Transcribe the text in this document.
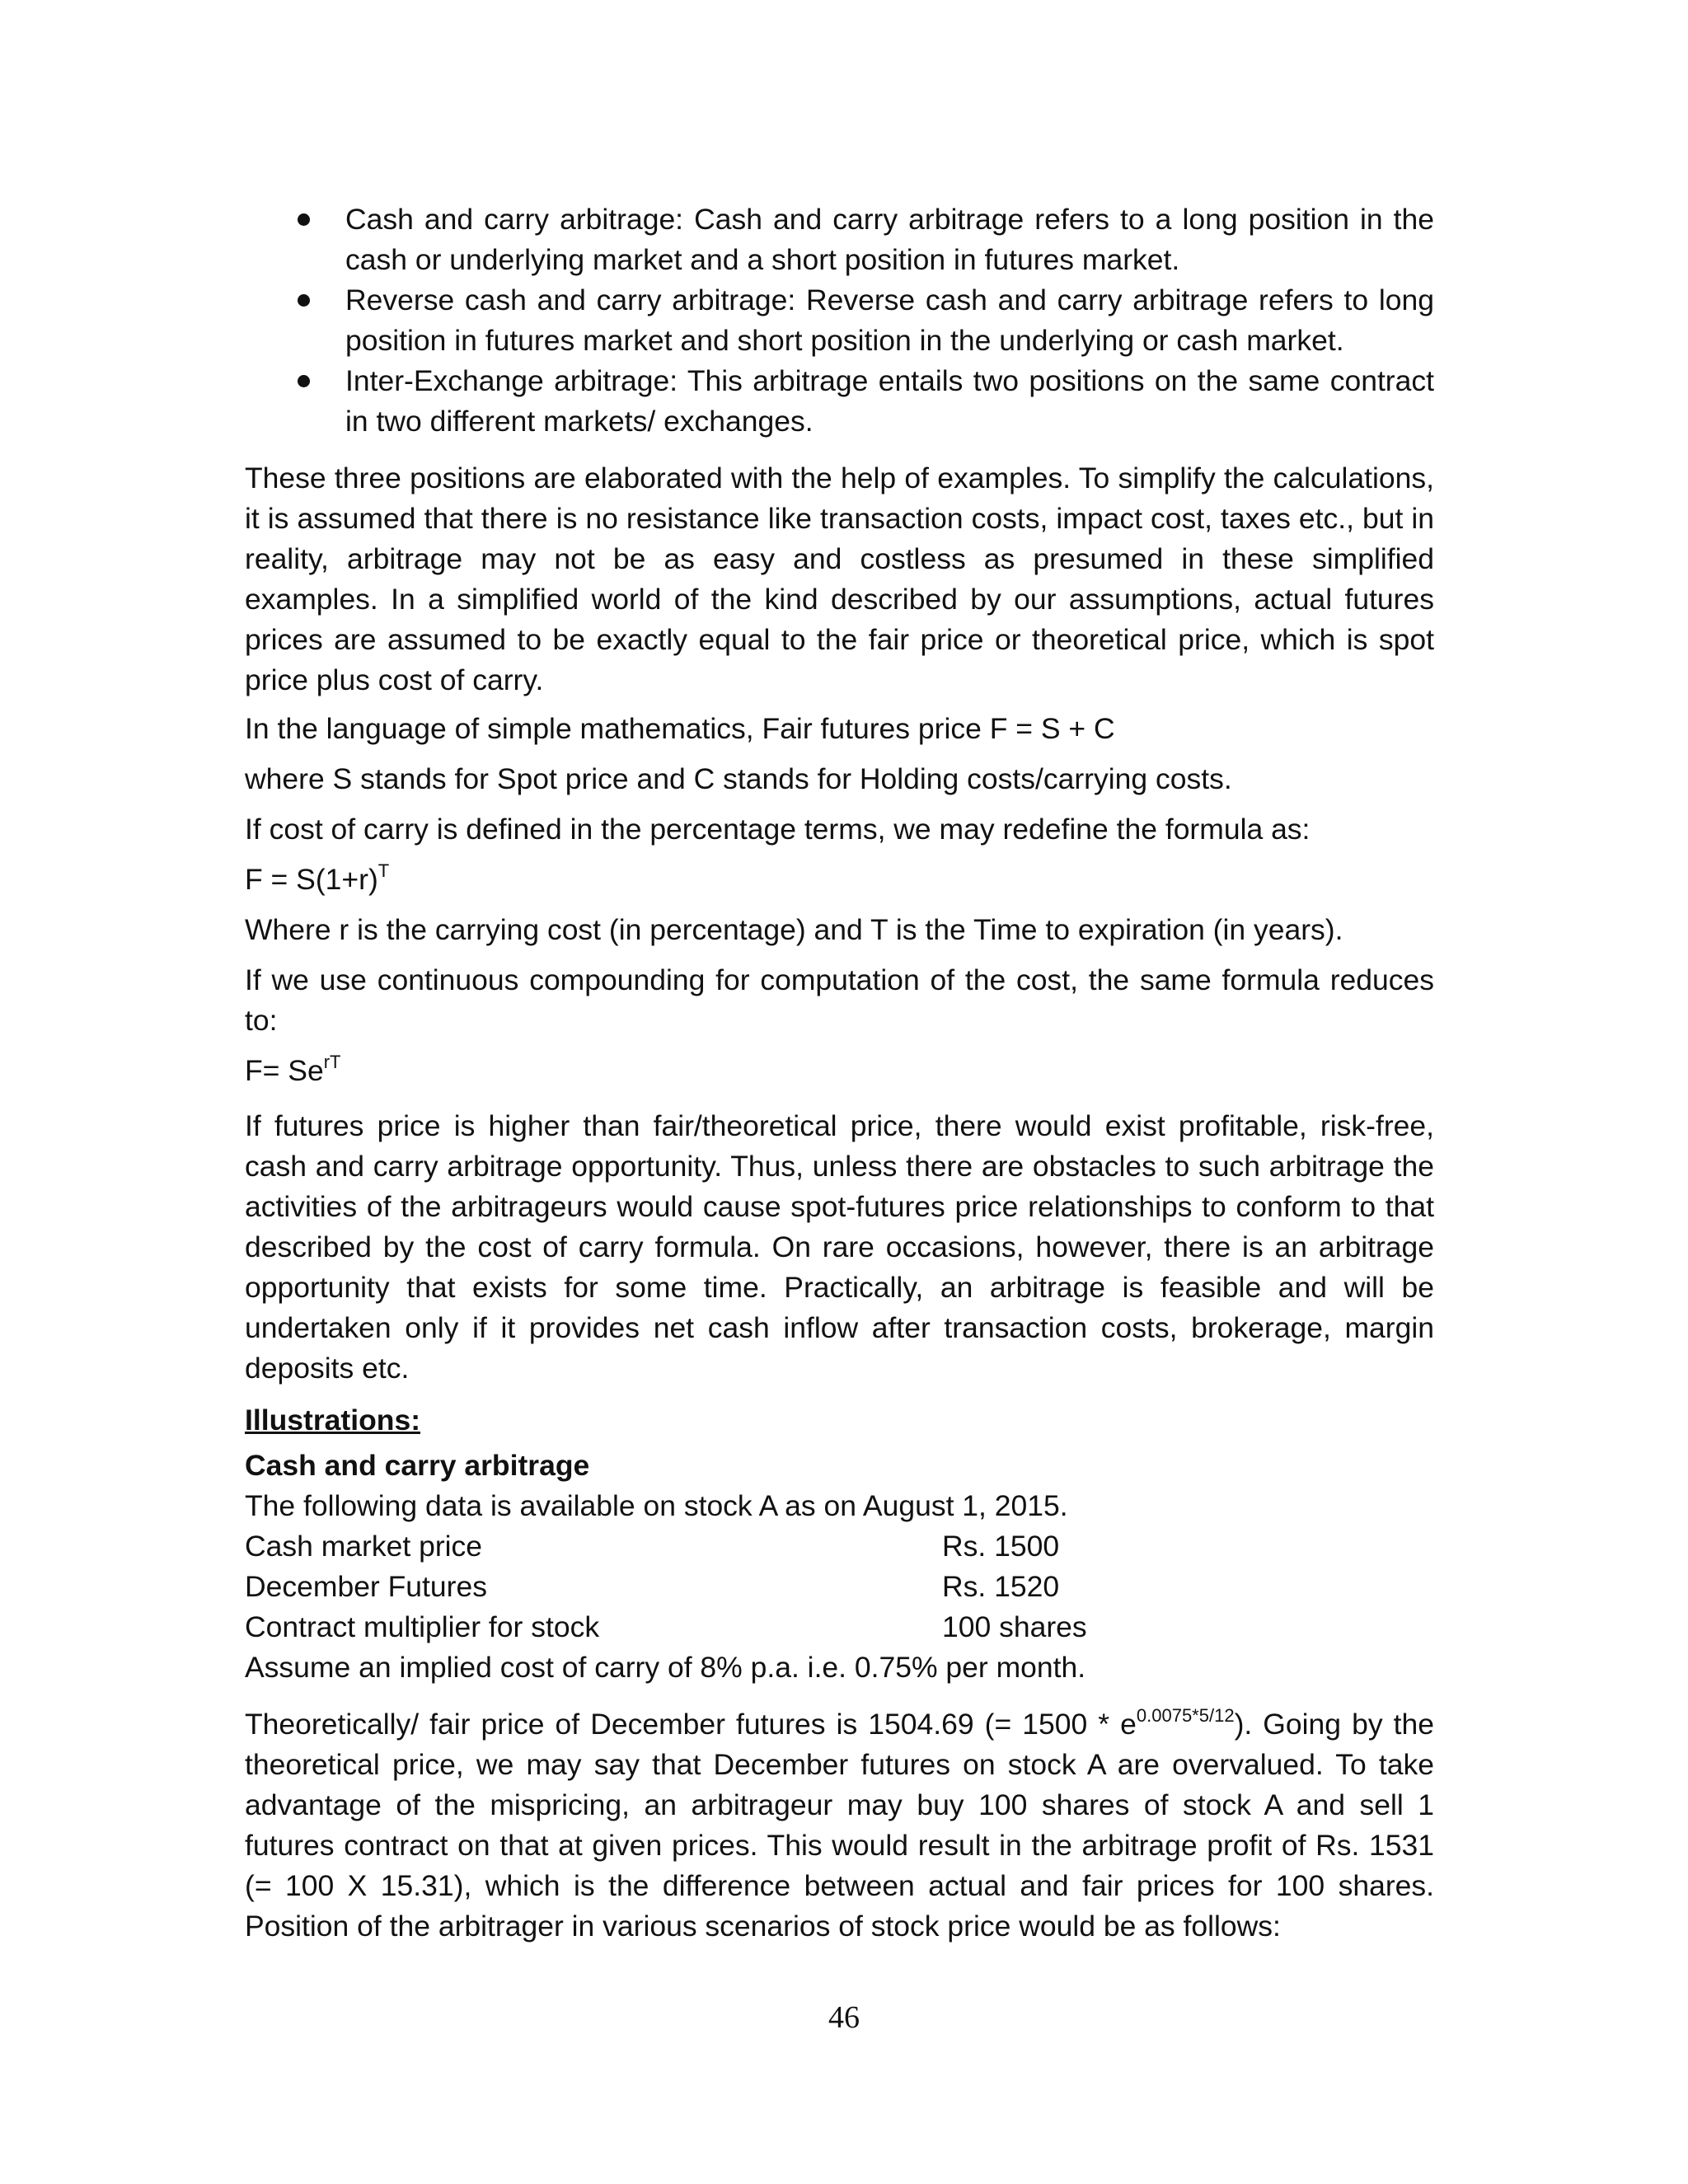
Cash and carry arbitrage: Cash and carry arbitrage refers to a long position in the cash or underlying market and a short position in futures market.
Reverse cash and carry arbitrage: Reverse cash and carry arbitrage refers to long position in futures market and short position in the underlying or cash market.
Inter-Exchange arbitrage: This arbitrage entails two positions on the same contract in two different markets/ exchanges.

These three positions are elaborated with the help of examples. To simplify the calculations, it is assumed that there is no resistance like transaction costs, impact cost, taxes etc., but in reality, arbitrage may not be as easy and costless as presumed in these simplified examples. In a simplified world of the kind described by our assumptions, actual futures prices are assumed to be exactly equal to the fair price or theoretical price, which is spot price plus cost of carry.

In the language of simple mathematics, Fair futures price F = S + C

where S stands for Spot price and C stands for Holding costs/carrying costs.

If cost of carry is defined in the percentage terms, we may redefine the formula as:

$F = S(1+r)^T$

Where r is the carrying cost (in percentage) and T is the Time to expiration (in years).

If we use continuous compounding for computation of the cost, the same formula reduces to:

$F= Se^{rT}$

If futures price is higher than fair/theoretical price, there would exist profitable, risk-free, cash and carry arbitrage opportunity. Thus, unless there are obstacles to such arbitrage the activities of the arbitrageurs would cause spot-futures price relationships to conform to that described by the cost of carry formula. On rare occasions, however, there is an arbitrage opportunity that exists for some time. Practically, an arbitrage is feasible and will be undertaken only if it provides net cash inflow after transaction costs, brokerage, margin deposits etc.

Illustrations:

Cash and carry arbitrage

The following data is available on stock A as on August 1, 2015.

Cash market price	Rs. 1500
December Futures	Rs. 1520
Contract multiplier for stock	100 shares

Assume an implied cost of carry of 8% p.a. i.e. 0.75% per month.

Theoretically/ fair price of December futures is 1504.69 (= $1500 * e^{0.0075*5/12}$). Going by the theoretical price, we may say that December futures on stock A are overvalued. To take advantage of the mispricing, an arbitrageur may buy 100 shares of stock A and sell 1 futures contract on that at given prices. This would result in the arbitrage profit of Rs. 1531 (= 100 X 15.31), which is the difference between actual and fair prices for 100 shares. Position of the arbitrager in various scenarios of stock price would be as follows:

46
